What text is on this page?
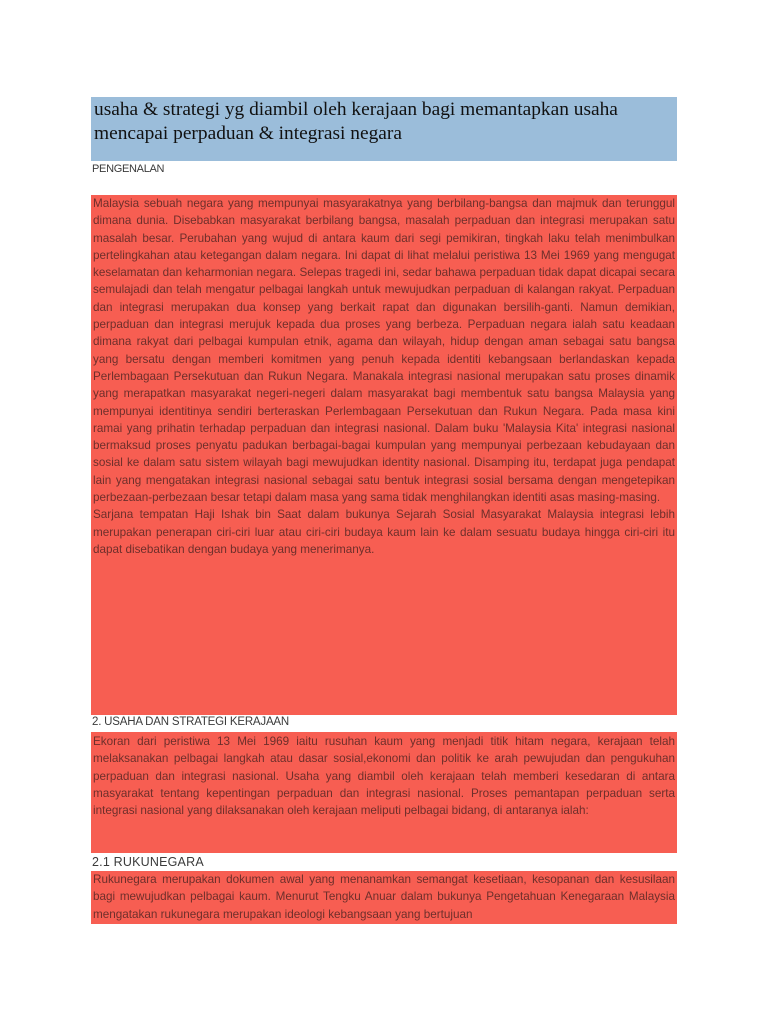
usaha & strategi yg diambil oleh kerajaan bagi memantapkan usaha mencapai perpaduan & integrasi negara
PENGENALAN

Malaysia sebuah negara yang mempunyai masyarakatnya yang berbilang-bangsa dan majmuk dan terunggul dimana dunia. Disebabkan masyarakat berbilang bangsa, masalah perpaduan dan integrasi merupakan satu masalah besar. Perubahan yang wujud di antara kaum dari segi pemikiran, tingkah laku telah menimbulkan pertelingkahan atau ketegangan dalam negara. Ini dapat di lihat melalui peristiwa 13 Mei 1969 yang mengugat keselamatan dan keharmonian negara. Selepas tragedi ini, sedar bahawa perpaduan tidak dapat dicapai secara semulajadi dan telah mengatur pelbagai langkah untuk mewujudkan perpaduan di kalangan rakyat. Perpaduan dan integrasi merupakan dua konsep yang berkait rapat dan digunakan bersilih-ganti. Namun demikian, perpaduan dan integrasi merujuk kepada dua proses yang berbeza. Perpaduan negara ialah satu keadaan dimana rakyat dari pelbagai kumpulan etnik, agama dan wilayah, hidup dengan aman sebagai satu bangsa yang bersatu dengan memberi komitmen yang penuh kepada identiti kebangsaan berlandaskan kepada Perlembagaan Persekutuan dan Rukun Negara. Manakala integrasi nasional merupakan satu proses dinamik yang merapatkan masyarakat negeri-negeri dalam masyarakat bagi membentuk satu bangsa Malaysia yang mempunyai identitinya sendiri berteraskan Perlembagaan Persekutuan dan Rukun Negara. Pada masa kini ramai yang prihatin terhadap perpaduan dan integrasi nasional. Dalam buku 'Malaysia Kita' integrasi nasional bermaksud proses penyatu padukan berbagai-bagai kumpulan yang mempunyai perbezaan kebudayaan dan sosial ke dalam satu sistem wilayah bagi mewujudkan identity nasional. Disamping itu, terdapat juga pendapat lain yang mengatakan integrasi nasional sebagai satu bentuk integrasi sosial bersama dengan mengetepikan perbezaan-perbezaan besar tetapi dalam masa yang sama tidak menghilangkan identiti asas masing-masing.

Sarjana tempatan Haji Ishak bin Saat dalam bukunya Sejarah Sosial Masyarakat Malaysia integrasi lebih merupakan penerapan ciri-ciri luar atau ciri-ciri budaya kaum lain ke dalam sesuatu budaya hingga ciri-ciri itu dapat disebatikan dengan budaya yang menerimanya.

2. USAHA DAN STRATEGI KERAJAAN

Ekoran dari peristiwa 13 Mei 1969 iaitu rusuhan kaum yang menjadi titik hitam negara, kerajaan telah melaksanakan pelbagai langkah atau dasar sosial,ekonomi dan politik ke arah pewujudan dan pengukuhan perpaduan dan integrasi nasional. Usaha yang diambil oleh kerajaan telah memberi kesedaran di antara masyarakat tentang kepentingan perpaduan dan integrasi nasional. Proses pemantapan perpaduan serta integrasi nasional yang dilaksanakan oleh kerajaan meliputi pelbagai bidang, di antaranya ialah:

2.1 RUKUNEGARA

Rukunegara merupakan dokumen awal yang menanamkan semangat kesetiaan, kesopanan dan kesusilaan bagi mewujudkan pelbagai kaum. Menurut Tengku Anuar dalam bukunya Pengetahuan Kenegaraan Malaysia mengatakan rukunegara merupakan ideologi kebangsaan yang bertujuan
